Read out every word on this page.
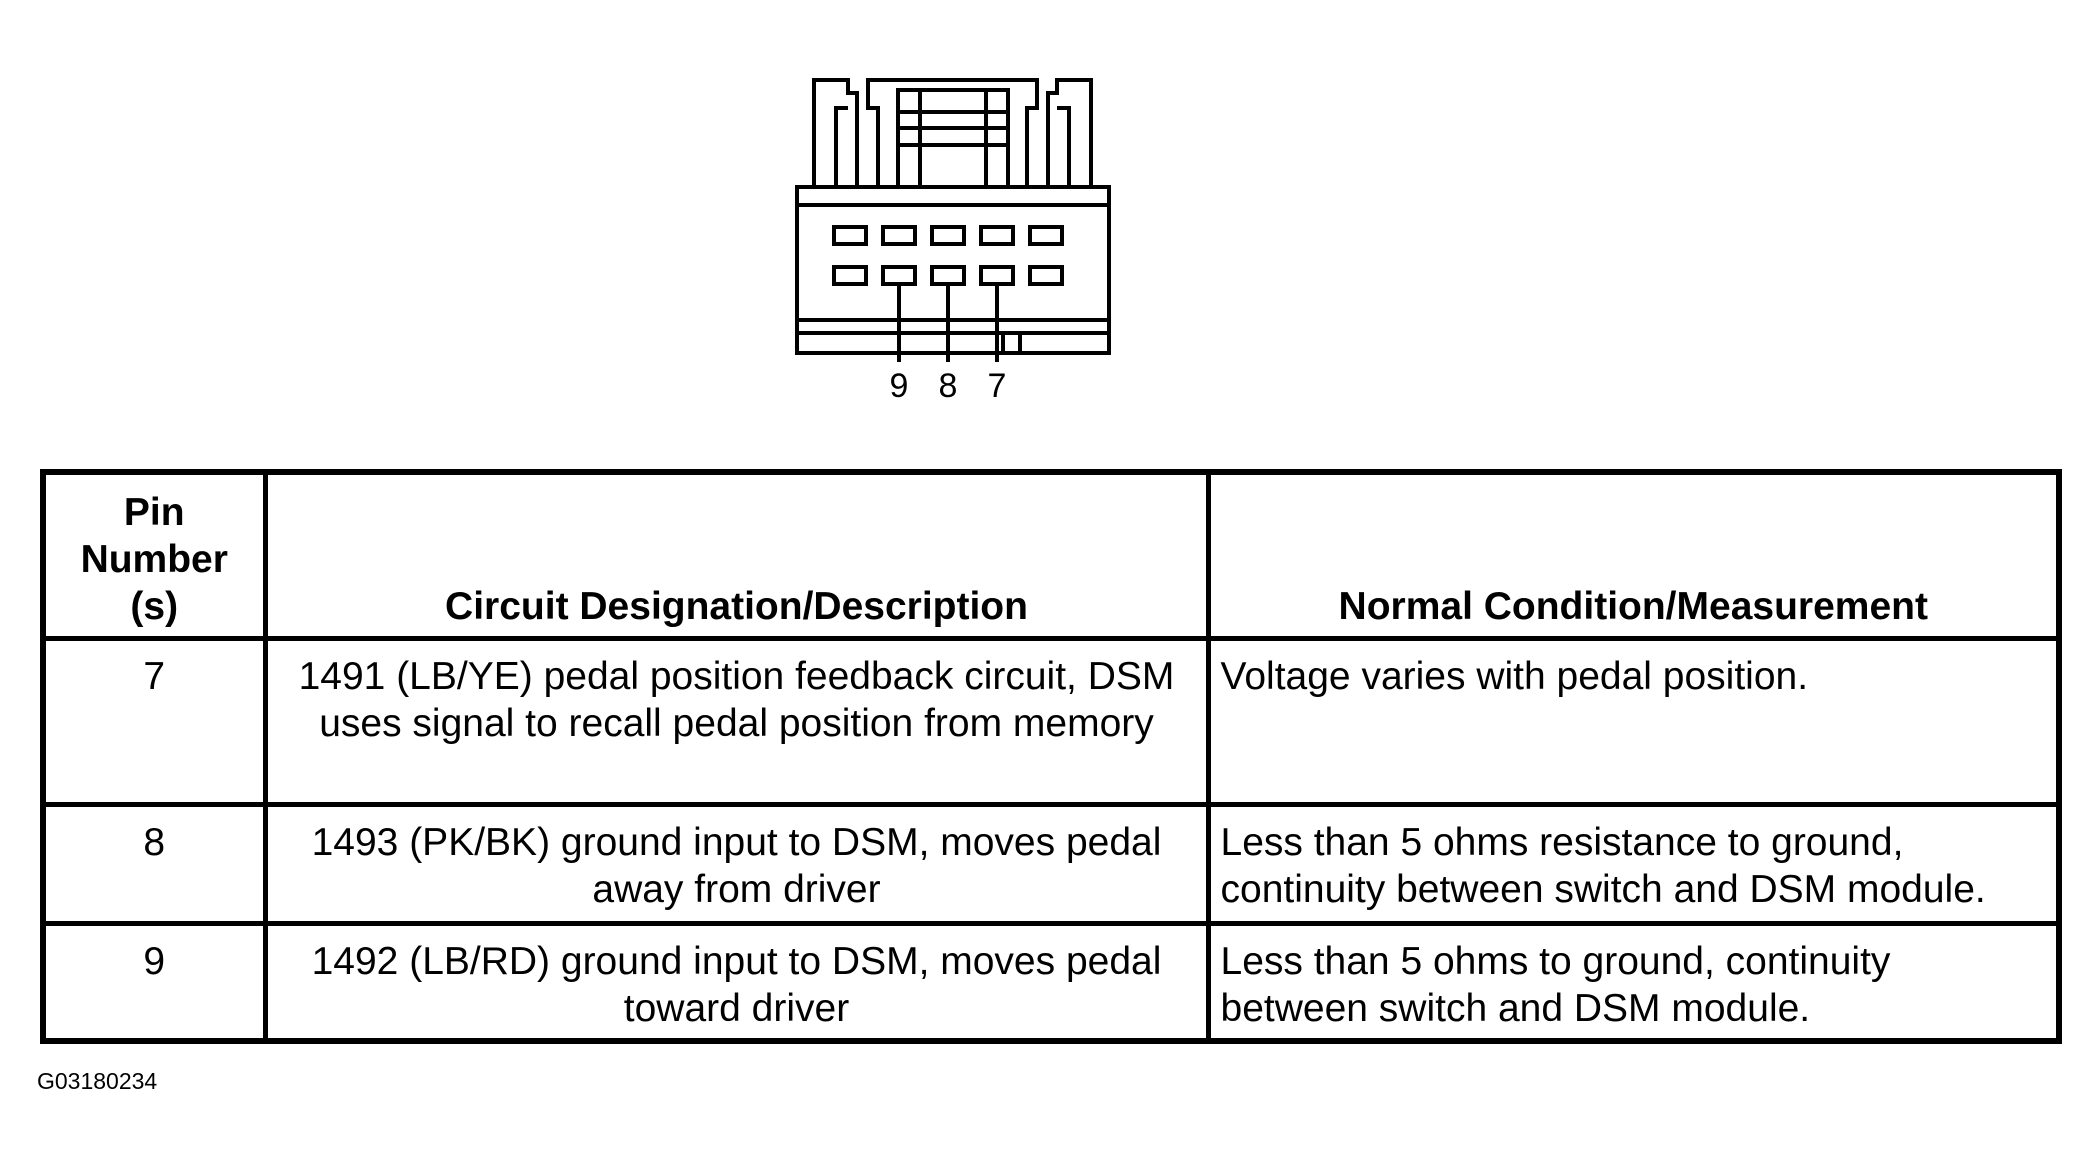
9 8 7
Pin Number (s)	Circuit Designation/Description	Normal Condition/Measurement
7	1491 (LB/YE) pedal position feedback circuit, DSM uses signal to recall pedal position from memory	Voltage varies with pedal position.
8	1493 (PK/BK) ground input to DSM, moves pedal away from driver	Less than 5 ohms resistance to ground, continuity between switch and DSM module.
9	1492 (LB/RD) ground input to DSM, moves pedal toward driver	Less than 5 ohms to ground, continuity between switch and DSM module.
G03180234
